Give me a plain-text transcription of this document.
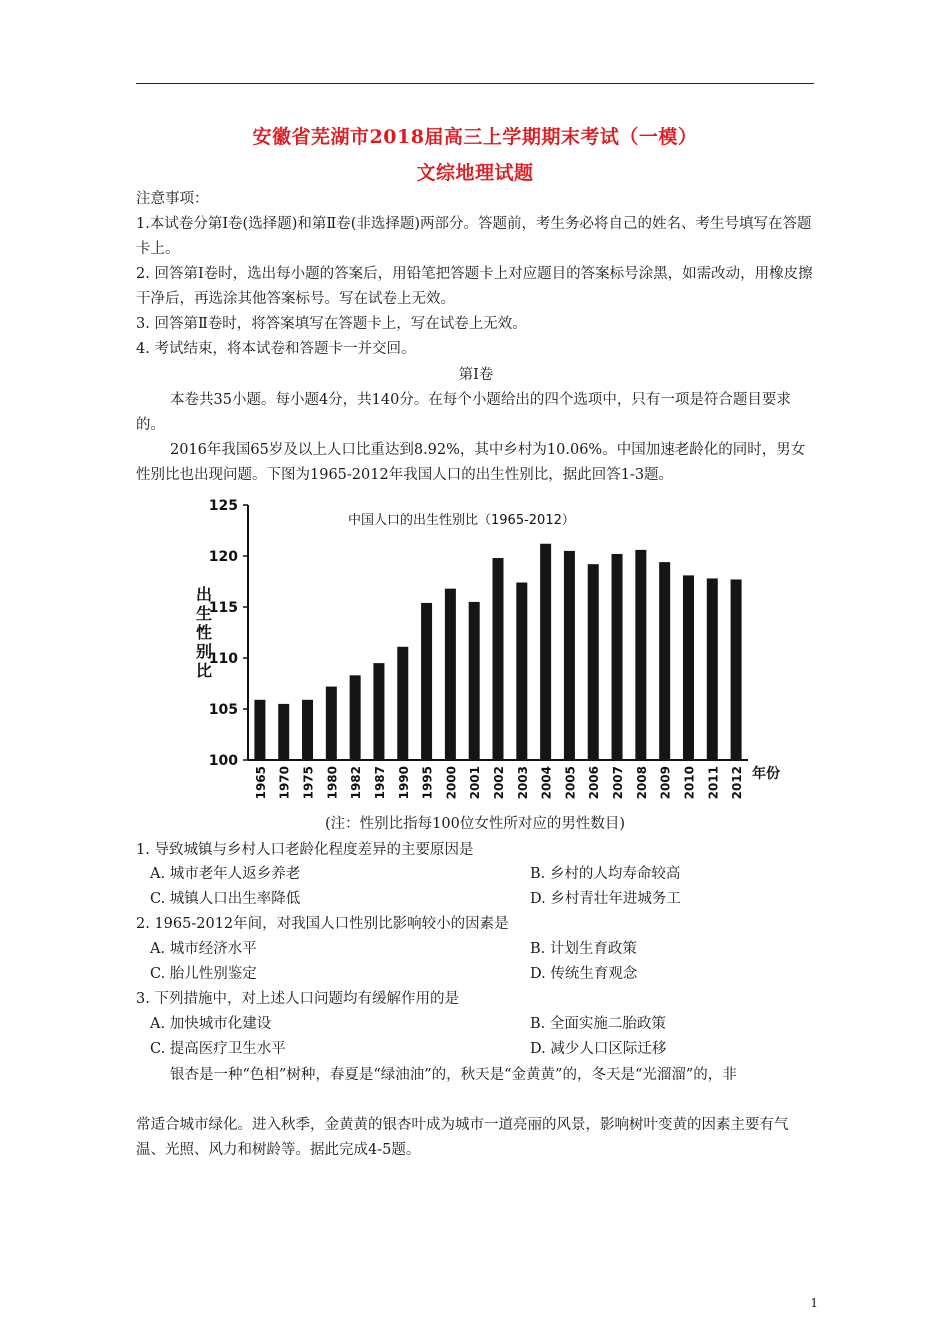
安徽省芜湖市2018届高三上学期期末考试（一模）
文综地理试题

注意事项：

1.本试卷分第Ⅰ卷(选择题)和第Ⅱ卷(非选择题)两部分。答题前，考生务必将自己的姓名、考生号填写在答题卡上。

2. 回答第Ⅰ卷时，选出每小题的答案后，用铅笔把答题卡上对应题目的答案标号涂黑，如需改动，用橡皮擦干净后，再选涂其他答案标号。写在试卷上无效。

3. 回答第Ⅱ卷时，将答案填写在答题卡上，写在试卷上无效。

4. 考试结束，将本试卷和答题卡一并交回。

第Ⅰ卷

本卷共35小题。每小题4分，共140分。在每个小题给出的四个选项中，只有一项是符合题目要求的。

2016年我国65岁及以上人口比重达到8.92%，其中乡村为10.06%。中国加速老龄化的同时，男女性别比也出现问题。下图为1965-2012年我国人口的出生性别比，据此回答1-3题。

中国人口的出生性别比（1965-2012）
出
生
性
别
比
100
105
110
115
120
125
1965 1970 1975 1980 1982 1987 1990 1995 2000 2001 2002 2003 2004 2005 2006 2007 2008 2009 2010 2011 2012 年份
(注：性别比指每100位女性所对应的男性数目)

1. 导致城镇与乡村人口老龄化程度差异的主要原因是

A. 城市老年人返乡养老	B. 乡村的人均寿命较高
C. 城镇人口出生率降低	D. 乡村青壮年进城务工

2. 1965-2012年间，对我国人口性别比影响较小的因素是

A. 城市经济水平	B. 计划生育政策
C. 胎儿性别鉴定	D. 传统生育观念

3. 下列措施中，对上述人口问题均有缓解作用的是

A. 加快城市化建设	B. 全面实施二胎政策
C. 提高医疗卫生水平	D. 减少人口区际迁移

银杏是一种“色相”树种，春夏是“绿油油”的，秋天是“金黄黄”的，冬天是“光溜溜”的，非

常适合城市绿化。进入秋季，金黄黄的银杏叶成为城市一道亮丽的风景，影响树叶变黄的因素主要有气温、光照、风力和树龄等。据此完成4-5题。

1
